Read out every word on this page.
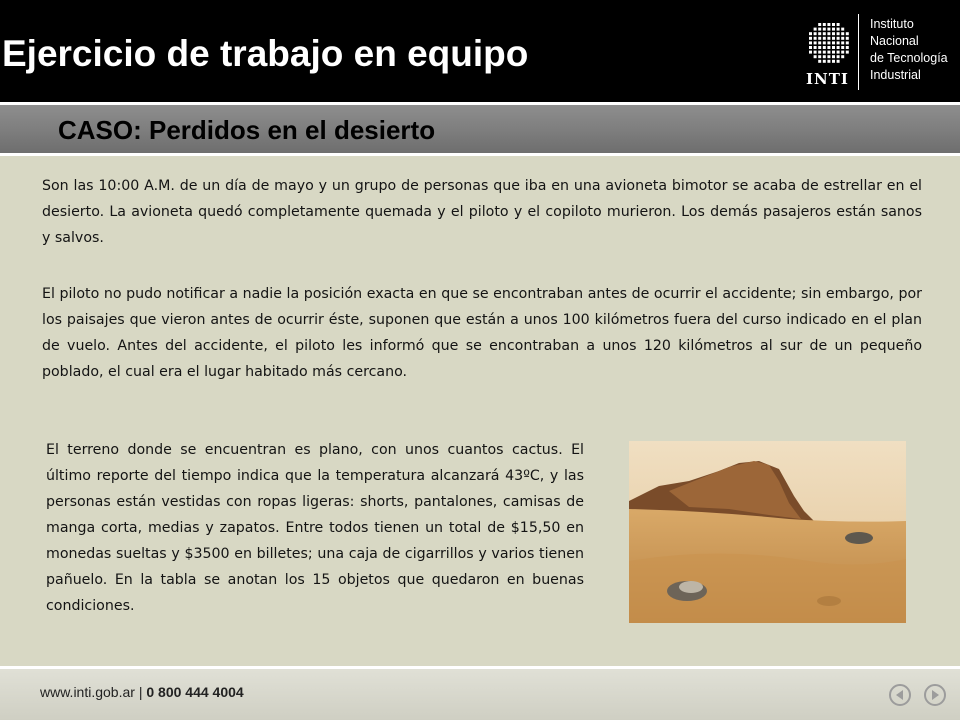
Ejercicio de trabajo en equipo
INTI
Instituto
Nacional
de Tecnología
Industrial
CASO: Perdidos en el desierto
Son las 10:00 A.M. de un día de mayo y un grupo de personas que iba en una avioneta bimotor se acaba de estrellar en el desierto. La avioneta quedó completamente quemada y el piloto y el copiloto murieron. Los demás pasajeros están sanos y salvos.
El piloto no pudo notificar a nadie la posición exacta en que se encontraban antes de ocurrir el accidente; sin embargo, por los paisajes que vieron antes de ocurrir éste, suponen que están a unos 100 kilómetros fuera del curso indicado en el plan de vuelo. Antes del accidente, el piloto les informó que se encontraban a unos 120 kilómetros al sur de un pequeño poblado, el cual era el lugar habitado más cercano.
El terreno donde se encuentran es plano, con unos cuantos cactus. El último reporte del tiempo indica que la temperatura alcanzará 43ºC, y las personas están vestidas con ropas ligeras: shorts, pantalones, camisas de manga corta, medias y zapatos. Entre todos tienen un total de $15,50 en monedas sueltas y $3500 en billetes; una caja de cigarrillos y varios tienen pañuelo. En la tabla se anotan los 15 objetos que quedaron en buenas condiciones.
www.inti.gob.ar | 0 800 444 4004
